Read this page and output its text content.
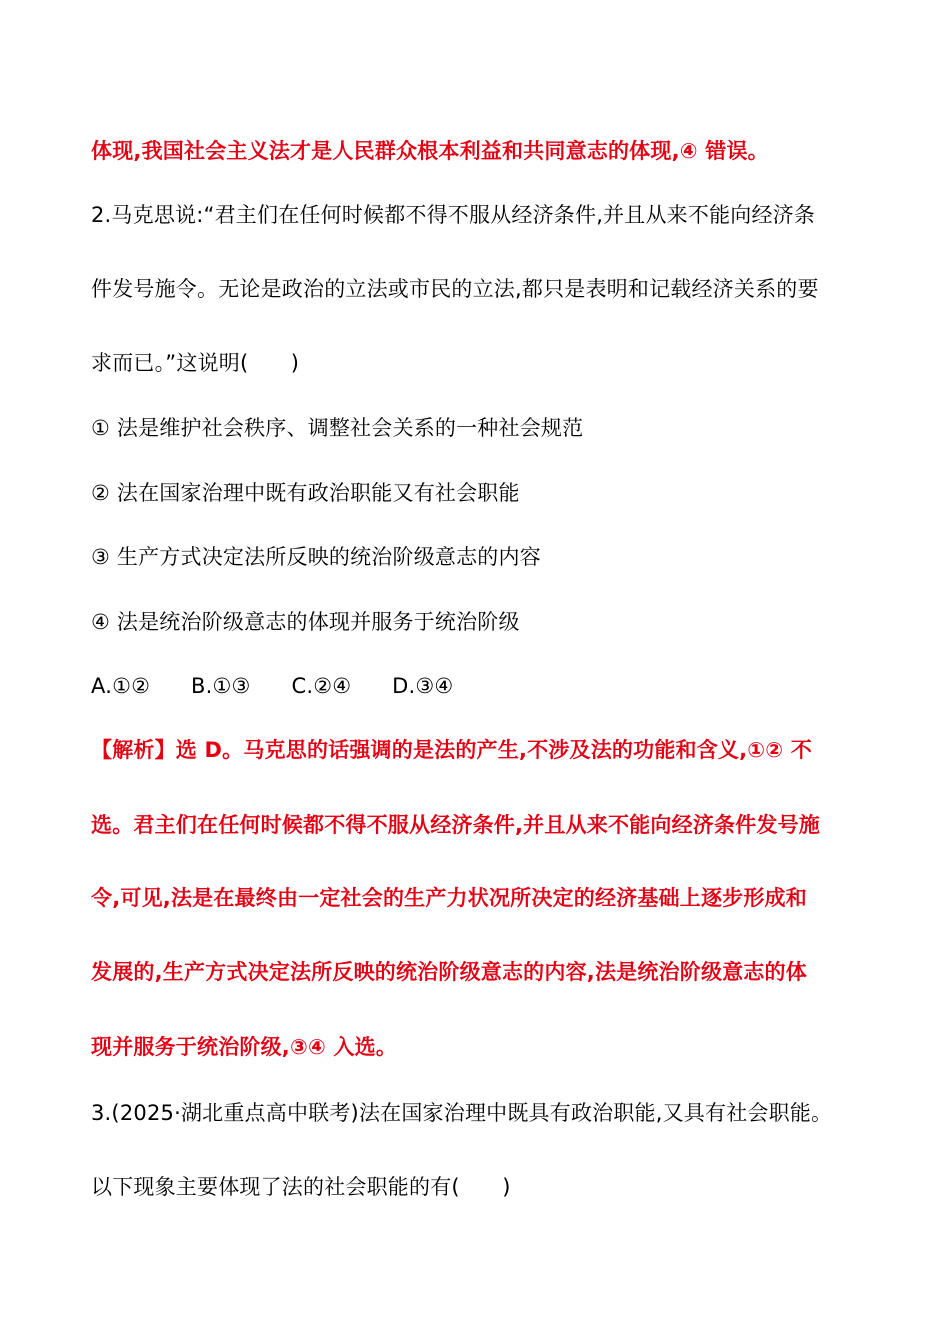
体现,我国社会主义法才是人民群众根本利益和共同意志的体现,④ 错误。
2.马克思说:“君主们在任何时候都不得不服从经济条件,并且从来不能向经济条
件发号施令。无论是政治的立法或市民的立法,都只是表明和记载经济关系的要
求而已。”这说明(　　)
① 法是维护社会秩序、调整社会关系的一种社会规范
② 法在国家治理中既有政治职能又有社会职能
③ 生产方式决定法所反映的统治阶级意志的内容
④ 法是统治阶级意志的体现并服务于统治阶级
A.①② B.①③ C.②④ D.③④
【解析】选 D。马克思的话强调的是法的产生,不涉及法的功能和含义,①② 不
选。君主们在任何时候都不得不服从经济条件,并且从来不能向经济条件发号施
令,可见,法是在最终由一定社会的生产力状况所决定的经济基础上逐步形成和
发展的,生产方式决定法所反映的统治阶级意志的内容,法是统治阶级意志的体
现并服务于统治阶级,③④ 入选。
3.(2025·湖北重点高中联考)法在国家治理中既具有政治职能,又具有社会职能。
以下现象主要体现了法的社会职能的有(　　)
